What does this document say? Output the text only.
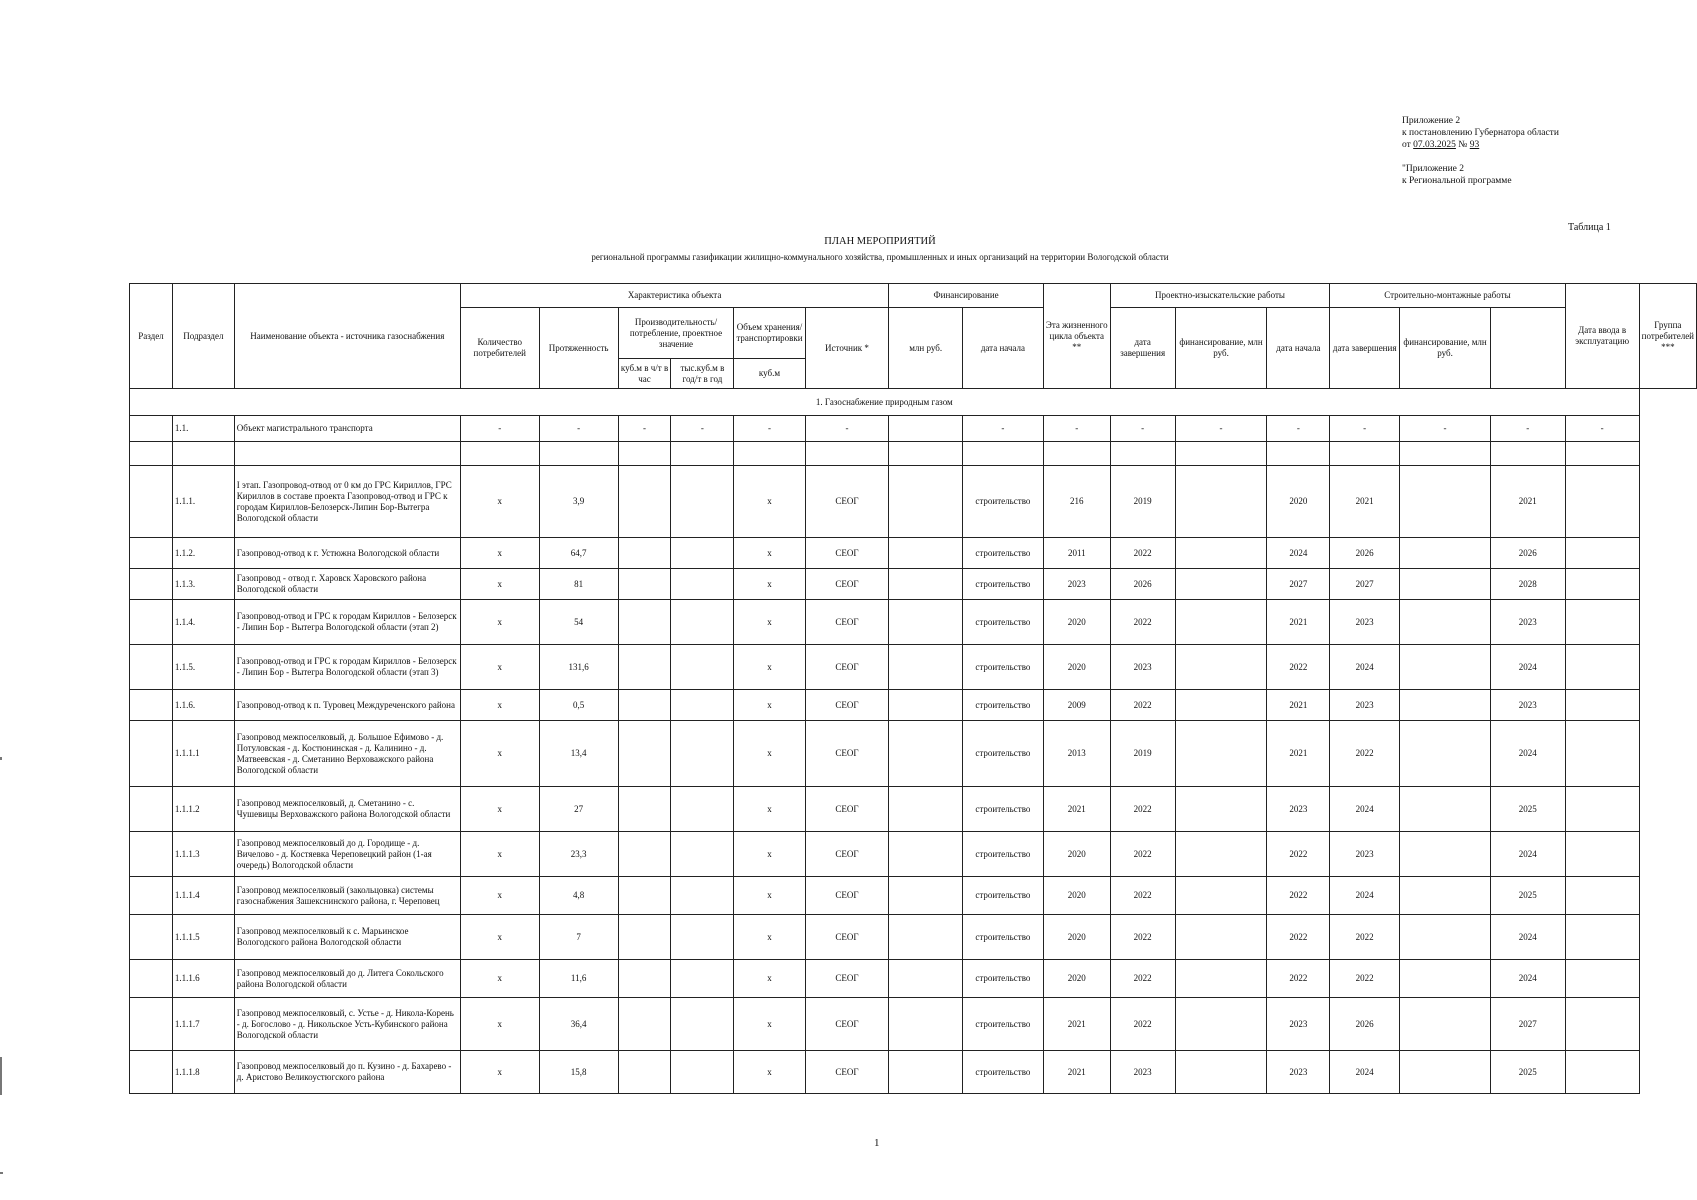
Приложение 2
к постановлению Губернатора области
от 07.03.2025 № 93
"Приложение 2
к Региональной программе
Таблица 1
ПЛАН МЕРОПРИЯТИЙ
региональной программы газификации жилищно-коммунального хозяйства, промышленных и иных организаций на территории Вологодской области
Раздел	Подраздел	Наименование объекта - источника газоснабжения	Характеристика объекта						Финансирование		Эта жизненного цикла объекта **	Проектно-изыскательские работы			Строительно-монтажные работы			Дата ввода в эксплуатацию	Группа потребителей ***
			Количество потребителей	Протяженность	Производительность/потребление, проектное значение		Объем хранения/транспортировки	Источник *	млн руб.	дата начала		дата завершения	финансирование, млн руб.	дата начала	дата завершения	финансирование, млн руб.			
					куб.м в ч/т в час	тыс.куб.м в год/т в год	куб.м												
1. Газоснабжение природным газом																			
	1.1.	Объект магистрального транспорта	-	-	-	-	-	-		-	-	-	-	-	-	-	-	-	

	1.1.1.	I этап. Газопровод-отвод от 0 км до ГРС Кириллов, ГРС Кириллов в составе проекта Газопровод-отвод и ГРС к городам Кириллов-Белозерск-Липин Бор-Вытегра Вологодской области	х	3,9			х	СЕОГ		строительство	216	2019		2020	2021		2021		
	1.1.2.	Газопровод-отвод к г. Устюжна Вологодской области	х	64,7			х	СЕОГ		строительство	2011	2022		2024	2026		2026		
	1.1.3.	Газопровод - отвод г. Харовск Харовского района Вологодской области	х	81			х	СЕОГ		строительство	2023	2026		2027	2027		2028		
	1.1.4.	Газопровод-отвод и ГРС к городам Кириллов - Белозерск - Липин Бор - Вытегра Вологодской области (этап 2)	х	54			х	СЕОГ		строительство	2020	2022		2021	2023		2023		
	1.1.5.	Газопровод-отвод и ГРС к городам Кириллов - Белозерск - Липин Бор - Вытегра Вологодской области (этап 3)	х	131,6			х	СЕОГ		строительство	2020	2023		2022	2024		2024		
	1.1.6.	Газопровод-отвод к п. Туровец Междуреченского района	х	0,5			х	СЕОГ		строительство	2009	2022		2021	2023		2023		
	1.1.1.1	Газопровод межпоселковый, д. Большое Ефимово - д. Потуловская - д. Костюнинская - д. Калинино - д. Матвеевская - д. Сметанино Верховажского района Вологодской области	х	13,4			х	СЕОГ		строительство	2013	2019		2021	2022		2024		
	1.1.1.2	Газопровод межпоселковый, д. Сметанино - с. Чушевицы Верховажского района Вологодской области	х	27			х	СЕОГ		строительство	2021	2022		2023	2024		2025		
	1.1.1.3	Газопровод межпоселковый до д. Городище - д. Вичелово - д. Костяевка Череповецкий район (1-ая очередь) Вологодской области	х	23,3			х	СЕОГ		строительство	2020	2022		2022	2023		2024		
	1.1.1.4	Газопровод межпоселковый (закольцовка) системы газоснабжения Зашекснинского района, г. Череповец	х	4,8			х	СЕОГ		строительство	2020	2022		2022	2024		2025		
	1.1.1.5	Газопровод межпоселковый к с. Марьинское Вологодского района Вологодской области	х	7			х	СЕОГ		строительство	2020	2022		2022	2022		2024		
	1.1.1.6	Газопровод межпоселковый до д. Литега Сокольского района Вологодской области	х	11,6			х	СЕОГ		строительство	2020	2022		2022	2022		2024		
	1.1.1.7	Газопровод межпоселковый, с. Устье - д. Никола-Корень - д. Богослово - д. Никольское Усть-Кубинского района Вологодской области	х	36,4			х	СЕОГ		строительство	2021	2022		2023	2026		2027		
	1.1.1.8	Газопровод межпоселковый до п. Кузино - д. Бахарево - д. Аристово Великоустюгского района	х	15,8			х	СЕОГ		строительство	2021	2023		2023	2024		2025		
1
